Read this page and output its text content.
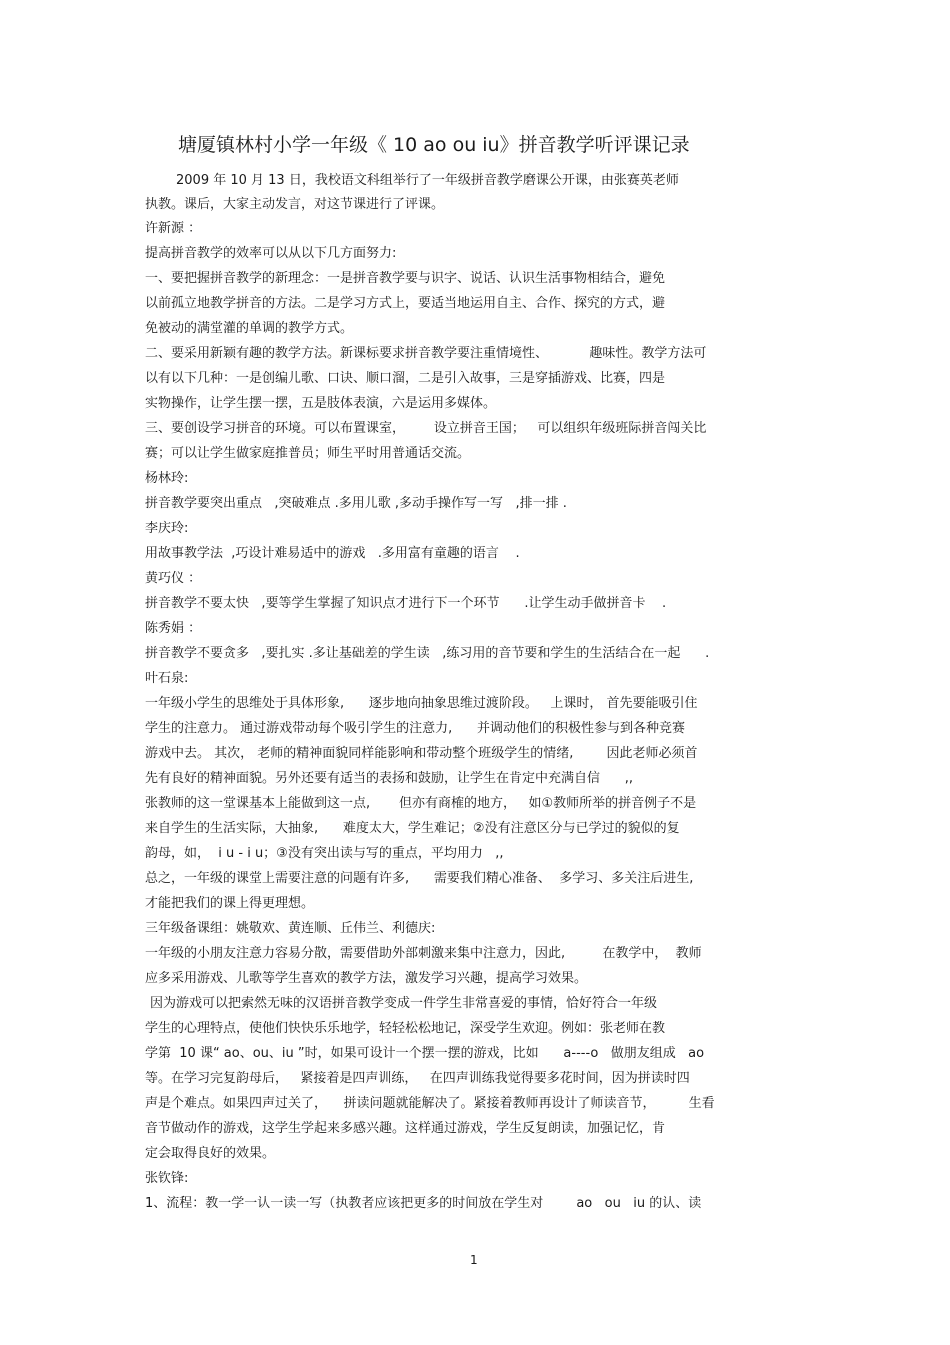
塘厦镇林村小学一年级《 10 ao ou iu》拼音教学听评课记录
2009 年 10 月 13 日，我校语文科组举行了一年级拼音教学磨课公开课，由张赛英老师
执教。课后，大家主动发言，对这节课进行了评课。
许新源 ：
提高拼音教学的效率可以从以下几方面努力:
一、要把握拼音教学的新理念：一是拼音教学要与识字、说话、认识生活事物相结合，避免
以前孤立地教学拼音的方法。二是学习方式上，要适当地运用自主、合作、探究的方式，避
免被动的满堂灌的单调的教学方式。
二、要采用新颖有趣的教学方法。新课标要求拼音教学要注重情境性、          趣味性。教学方法可
以有以下几种：一是创编儿歌、口诀、顺口溜，二是引入故事，三是穿插游戏、比赛，四是
实物操作，让学生摆一摆，五是肢体表演，六是运用多媒体。
三、要创设学习拼音的环境。可以布置课室，       设立拼音王国；   可以组织年级班际拼音闯关比
赛；可以让学生做家庭推普员；师生平时用普通话交流。
杨林玲:
拼音教学要突出重点   ,突破难点 .多用儿歌 ,多动手操作写一写   ,排一排 .
李庆玲:
用故事教学法  ,巧设计难易适中的游戏   .多用富有童趣的语言    .
黄巧仪 ：
拼音教学不要太快   ,要等学生掌握了知识点才进行下一个环节      .让学生动手做拼音卡    .
陈秀娟 ：
拼音教学不要贪多   ,要扎实 .多让基础差的学生读   ,练习用的音节要和学生的生活结合在一起      .
叶石泉:
一年级小学生的思维处于具体形象,      逐步地向抽象思维过渡阶段。   上课时， 首先要能吸引住
学生的注意力。 通过游戏带动每个吸引学生的注意力,      并调动他们的积极性参与到各种竞赛
游戏中去。 其次， 老师的精神面貌同样能影响和带动整个班级学生的情绪,        因此老师必须首
先有良好的精神面貌。另外还要有适当的表扬和鼓励，让学生在肯定中充满自信      ,,
张教师的这一堂课基本上能做到这一点,       但亦有商榷的地方，   如①教师所举的拼音例子不是
来自学生的生活实际，大抽象,      难度太大，学生难记；②没有注意区分与已学过的貌似的复
韵母，如，  i u - i u；③没有突出读与写的重点，平均用力   ,,
总之，一年级的课堂上需要注意的问题有许多,      需要我们精心准备、  多学习、多关注后进生,
才能把我们的课上得更理想。
三年级备课组：姚敬欢、黄连顺、丘伟兰、利德庆:
一年级的小朋友注意力容易分散，需要借助外部刺激来集中注意力，因此,         在教学中，  教师
应多采用游戏、儿歌等学生喜欢的教学方法，激发学习兴趣，提高学习效果。
因为游戏可以把索然无味的汉语拼音教学变成一件学生非常喜爱的事情，恰好符合一年级
学生的心理特点，使他们快快乐乐地学，轻轻松松地记，深受学生欢迎。例如：张老师在教
学第  10 课“ ao、ou、iu ”时，如果可设计一个摆一摆的游戏，比如      a----o   做朋友组成   ao
等。在学习完复韵母后，   紧接着是四声训练，   在四声训练我觉得要多花时间，因为拼读时四
声是个难点。如果四声过关了，    拼读问题就能解决了。紧接着教师再设计了师读音节，        生看
音节做动作的游戏，这学生学起来多感兴趣。这样通过游戏，学生反复朗读，加强记忆，肯
定会取得良好的效果。
张钦锋:
1、流程：教一学一认一读一写（执教者应该把更多的时间放在学生对        ao   ou   iu 的认、读
1
